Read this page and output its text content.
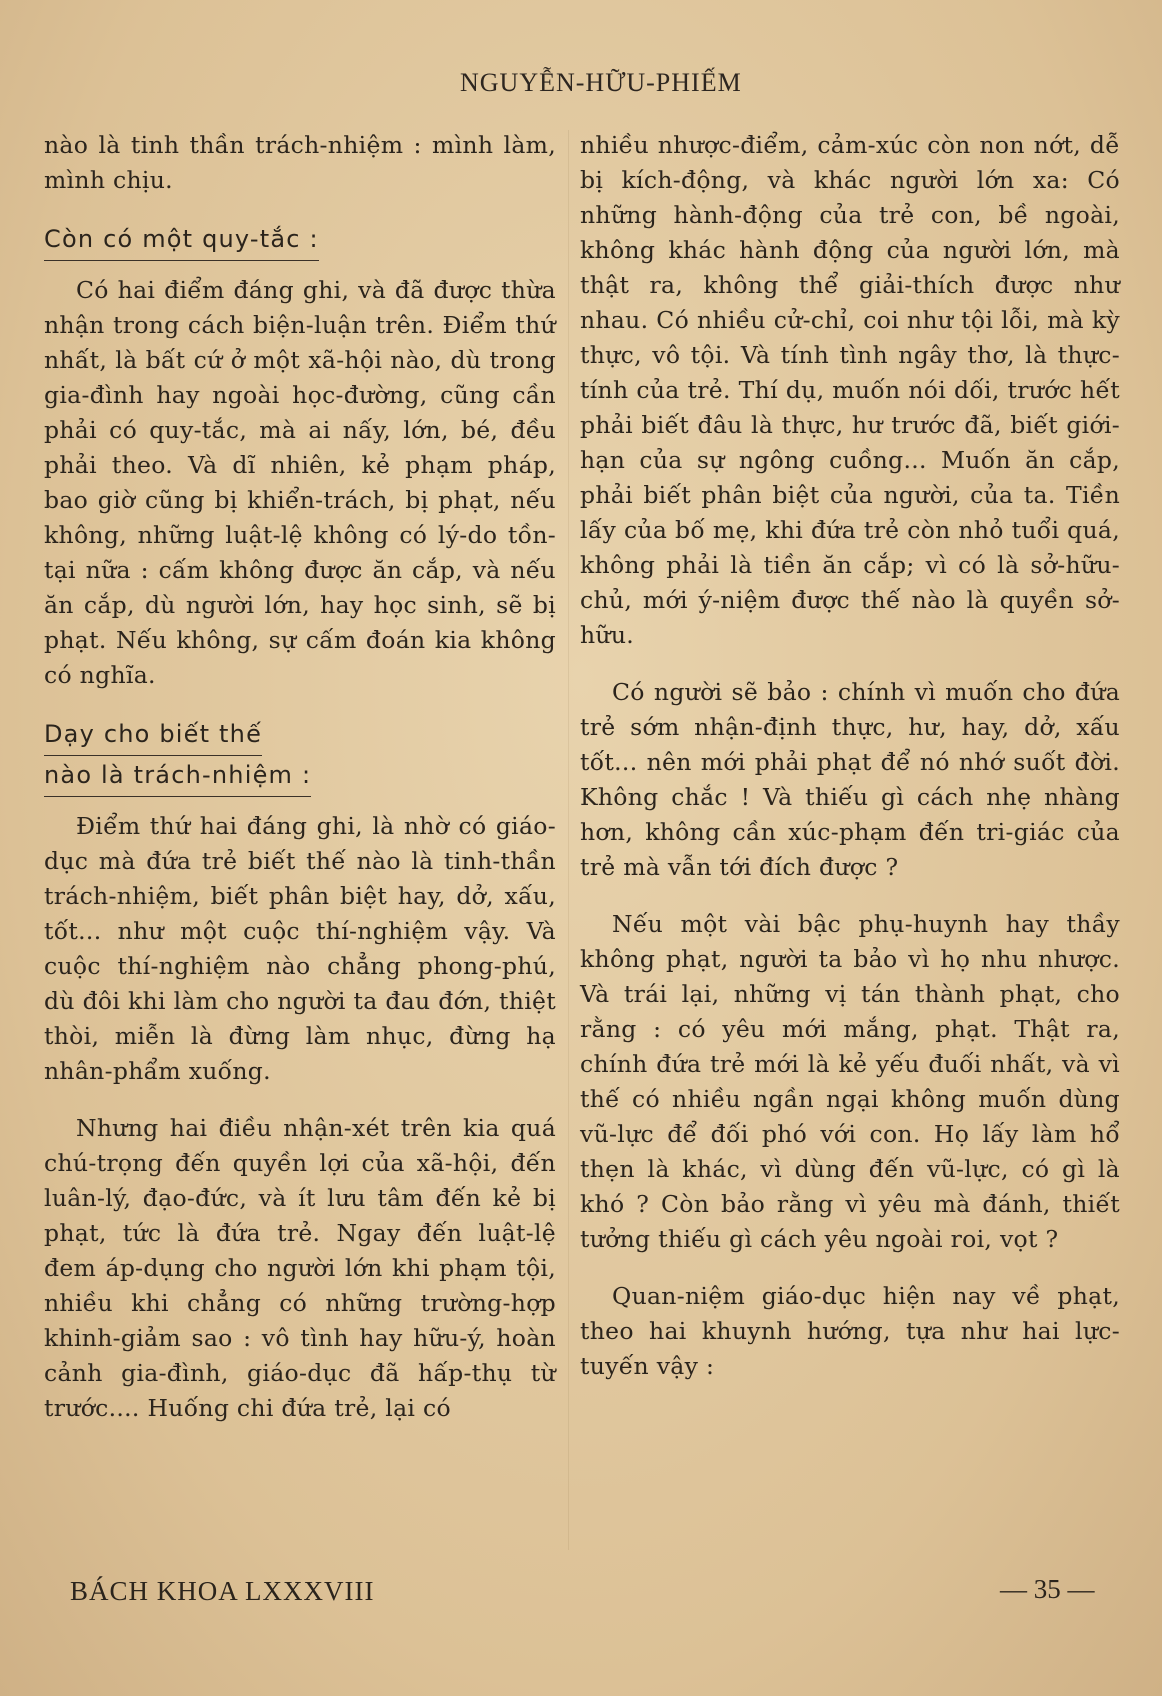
NGUYỄN-HỮU-PHIẾM

nào là tinh thần trách-nhiệm : mình làm, mình chịu.

Còn có một quy-tắc :

Có hai điểm đáng ghi, và đã được thừa nhận trong cách biện-luận trên. Điểm thứ nhất, là bất cứ ở một xã-hội nào, dù trong gia-đình hay ngoài học-đường, cũng cần phải có quy-tắc, mà ai nấy, lớn, bé, đều phải theo. Và dĩ nhiên, kẻ phạm pháp, bao giờ cũng bị khiển-trách, bị phạt, nếu không, những luật-lệ không có lý-do tồn-tại nữa : cấm không được ăn cắp, và nếu ăn cắp, dù người lớn, hay học sinh, sẽ bị phạt. Nếu không, sự cấm đoán kia không có nghĩa.

Dạy cho biết thế
nào là trách-nhiệm :

Điểm thứ hai đáng ghi, là nhờ có giáo-dục mà đứa trẻ biết thế nào là tinh-thần trách-nhiệm, biết phân biệt hay, dở, xấu, tốt... như một cuộc thí-nghiệm vậy. Và cuộc thí-nghiệm nào chẳng phong-phú, dù đôi khi làm cho người ta đau đớn, thiệt thòi, miễn là đừng làm nhục, đừng hạ nhân-phẩm xuống.

Nhưng hai điều nhận-xét trên kia quá chú-trọng đến quyền lợi của xã-hội, đến luân-lý, đạo-đức, và ít lưu tâm đến kẻ bị phạt, tức là đứa trẻ. Ngay đến luật-lệ đem áp-dụng cho người lớn khi phạm tội, nhiều khi chẳng có những trường-hợp khinh-giảm sao : vô tình hay hữu-ý, hoàn cảnh gia-đình, giáo-dục đã hấp-thụ từ trước.... Huống chi đứa trẻ, lại có

nhiều nhược-điểm, cảm-xúc còn non nớt, dễ bị kích-động, và khác người lớn xa: Có những hành-động của trẻ con, bề ngoài, không khác hành động của người lớn, mà thật ra, không thể giải-thích được như nhau. Có nhiều cử-chỉ, coi như tội lỗi, mà kỳ thực, vô tội. Và tính tình ngây thơ, là thực-tính của trẻ. Thí dụ, muốn nói dối, trước hết phải biết đâu là thực, hư trước đã, biết giới-hạn của sự ngông cuồng... Muốn ăn cắp, phải biết phân biệt của người, của ta. Tiền lấy của bố mẹ, khi đứa trẻ còn nhỏ tuổi quá, không phải là tiền ăn cắp; vì có là sở-hữu-chủ, mới ý-niệm được thế nào là quyền sở-hữu.

Có người sẽ bảo : chính vì muốn cho đứa trẻ sớm nhận-định thực, hư, hay, dở, xấu tốt... nên mới phải phạt để nó nhớ suốt đời. Không chắc ! Và thiếu gì cách nhẹ nhàng hơn, không cần xúc-phạm đến tri-giác của trẻ mà vẫn tới đích được ?

Nếu một vài bậc phụ-huynh hay thầy không phạt, người ta bảo vì họ nhu nhược. Và trái lại, những vị tán thành phạt, cho rằng : có yêu mới mắng, phạt. Thật ra, chính đứa trẻ mới là kẻ yếu đuối nhất, và vì thế có nhiều ngần ngại không muốn dùng vũ-lực để đối phó với con. Họ lấy làm hổ thẹn là khác, vì dùng đến vũ-lực, có gì là khó ? Còn bảo rằng vì yêu mà đánh, thiết tưởng thiếu gì cách yêu ngoài roi, vọt ?

Quan-niệm giáo-dục hiện nay về phạt, theo hai khuynh hướng, tựa như hai lực-tuyến vậy :

BÁCH KHOA LXXXVIII	— 35 —
